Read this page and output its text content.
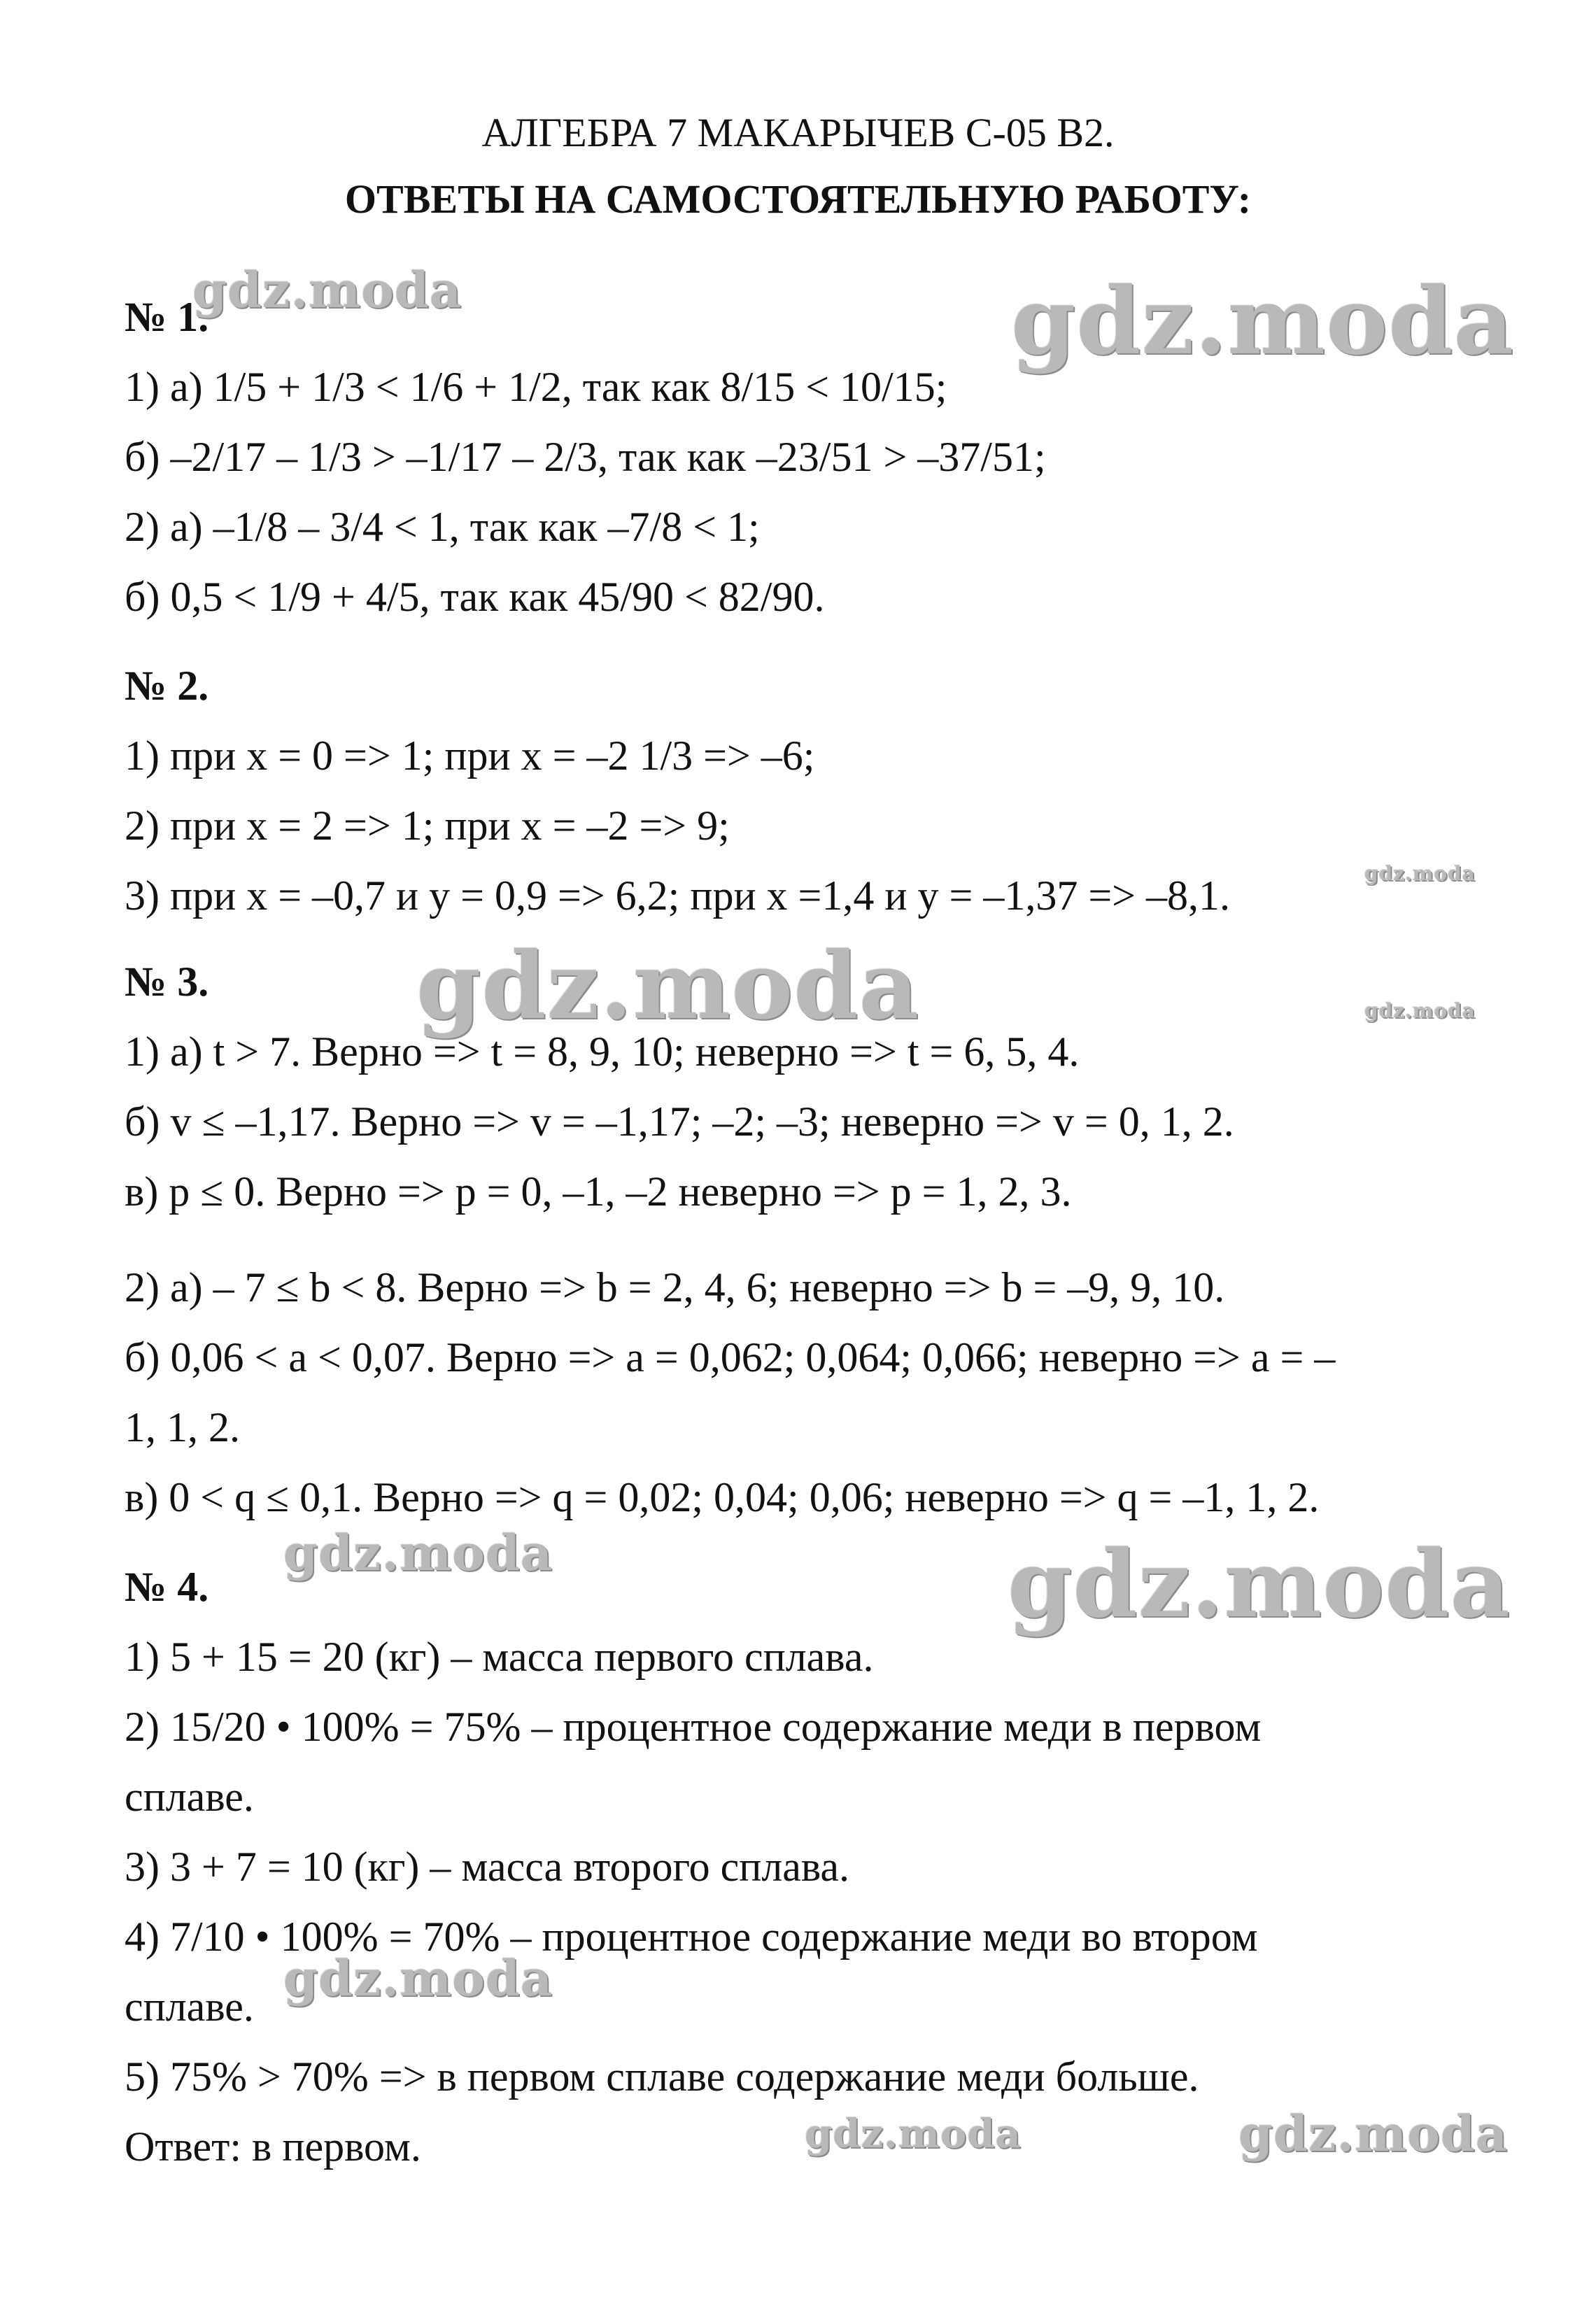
АЛГЕБРА 7 МАКАРЫЧЕВ С-05 В2.
ОТВЕТЫ НА САМОСТОЯТЕЛЬНУЮ РАБОТУ:
№ 1.
1) а) 1/5 + 1/3 < 1/6 + 1/2, так как 8/15 < 10/15;
б) –2/17 – 1/3 > –1/17 – 2/3, так как –23/51 > –37/51;
2) а) –1/8 – 3/4 < 1, так как –7/8 < 1;
б) 0,5 < 1/9 + 4/5, так как 45/90 < 82/90.
№ 2.
1) при x = 0 => 1; при x = –2 1/3 => –6;
2) при x = 2 => 1; при x = –2 => 9;
3) при x = –0,7 и y = 0,9 => 6,2; при x =1,4 и y = –1,37 => –8,1.
№ 3.
1) а) t > 7. Верно => t = 8, 9, 10; неверно => t = 6, 5, 4.
б) v ≤ –1,17. Верно => v = –1,17; –2; –3; неверно => v = 0, 1, 2.
в) p ≤ 0. Верно => p = 0, –1, –2 неверно => p = 1, 2, 3.
2) а) – 7 ≤ b < 8. Верно => b = 2, 4, 6; неверно => b = –9, 9, 10.
б) 0,06 < a < 0,07. Верно => a = 0,062; 0,064; 0,066; неверно => a = –
1, 1, 2.
в) 0 < q ≤ 0,1. Верно => q = 0,02; 0,04; 0,06; неверно => q = –1, 1, 2.
№ 4.
1) 5 + 15 = 20 (кг) – масса первого сплава.
2) 15/20 • 100% = 75% – процентное содержание меди в первом
сплаве.
3) 3 + 7 = 10 (кг) – масса второго сплава.
4) 7/10 • 100% = 70% – процентное содержание меди во втором
сплаве.
5) 75% > 70% => в первом сплаве содержание меди больше.
Ответ: в первом.
gdz.moda	gdz.moda
gdz.moda
gdz.moda	gdz.moda
gdz.moda	gdz.moda
gdz.moda
gdz.moda	gdz.moda
